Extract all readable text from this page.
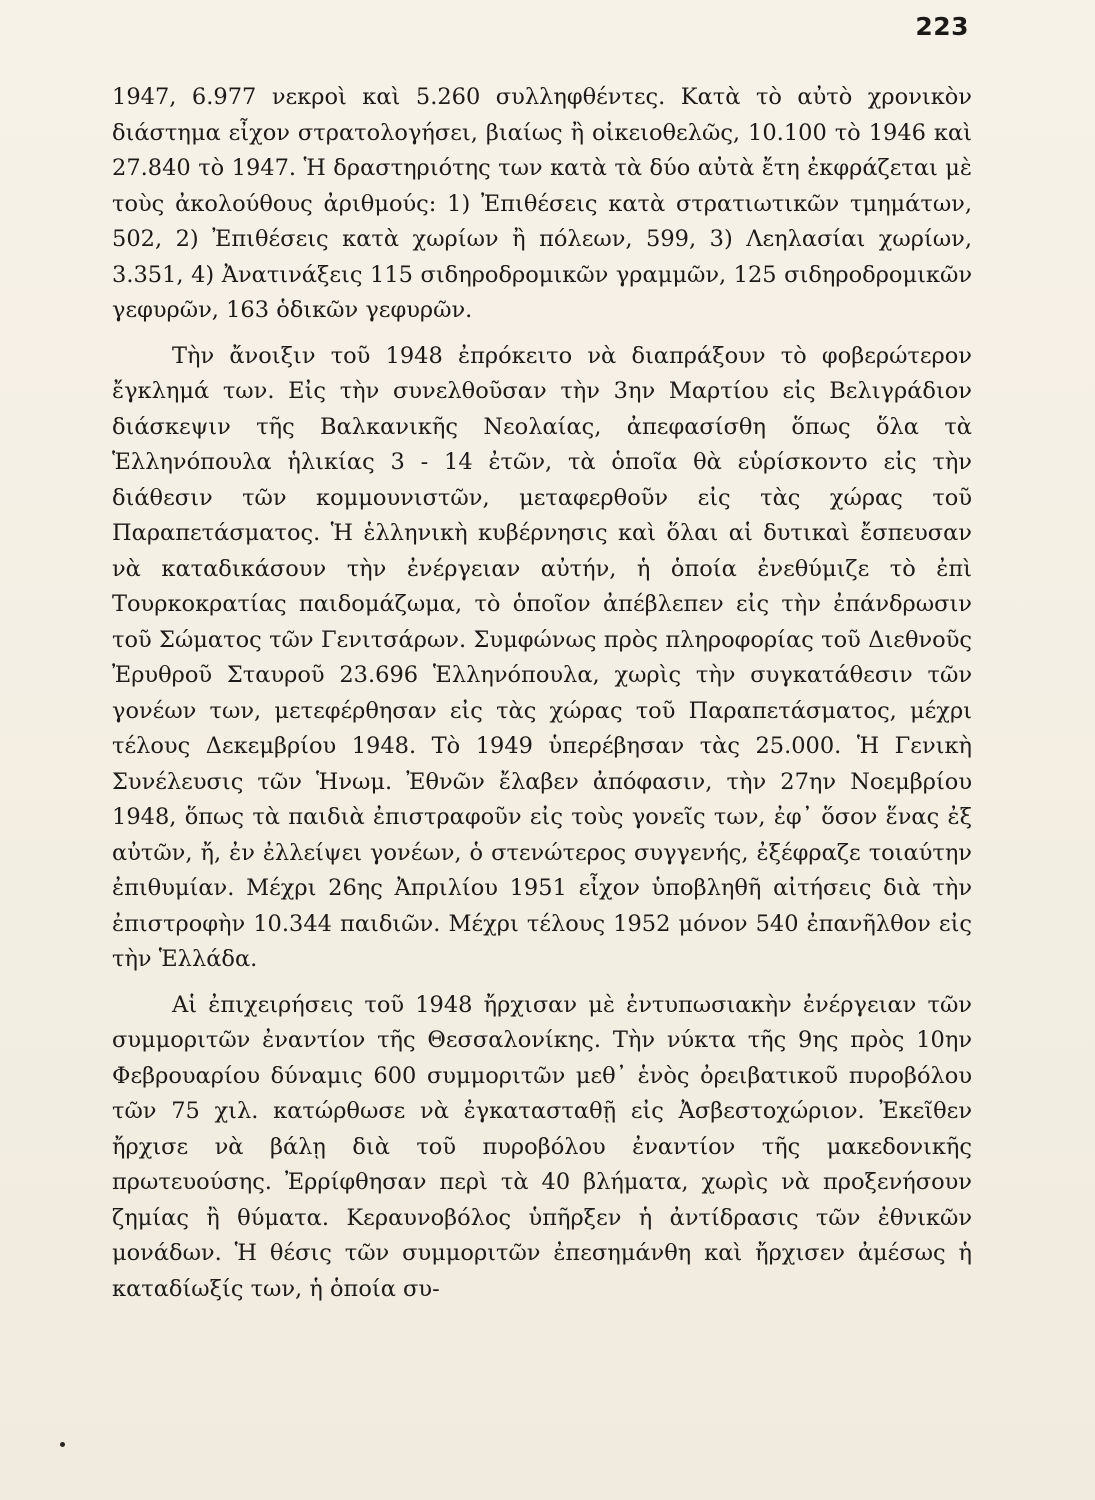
223

1947, 6.977 νεκροὶ καὶ 5.260 συλληφθέντες. Κατὰ τὸ αὐτὸ χρονικὸν διάστημα εἶχον στρατολογήσει, βιαίως ἢ οἰκειοθελῶς, 10.100 τὸ 1946 καὶ 27.840 τὸ 1947. Ἡ δραστηριότης των κατὰ τὰ δύο αὐτὰ ἔτη ἐκφράζεται μὲ τοὺς ἀκολούθους ἀριθμούς: 1) Ἐπιθέσεις κατὰ στρατιωτικῶν τμημάτων, 502, 2) Ἐπιθέσεις κατὰ χωρίων ἢ πόλεων, 599, 3) Λεηλασίαι χωρίων, 3.351, 4) Ἀνατινάξεις 115 σιδηροδρομικῶν γραμμῶν, 125 σιδηροδρομικῶν γεφυρῶν, 163 ὁδικῶν γεφυρῶν.

Τὴν ἄνοιξιν τοῦ 1948 ἐπρόκειτο νὰ διαπράξουν τὸ φοβερώτερον ἔγκλημά των. Εἰς τὴν συνελθοῦσαν τὴν 3ην Μαρτίου εἰς Βελιγράδιον διάσκεψιν τῆς Βαλκανικῆς Νεολαίας, ἀπεφασίσθη ὅπως ὅλα τὰ Ἑλληνόπουλα ἡλικίας 3 - 14 ἐτῶν, τὰ ὁποῖα θὰ εὑρίσκοντο εἰς τὴν διάθεσιν τῶν κομμουνιστῶν, μεταφερθοῦν εἰς τὰς χώρας τοῦ Παραπετάσματος. Ἡ ἑλληνικὴ κυβέρνησις καὶ ὅλαι αἱ δυτικαὶ ἔσπευσαν νὰ καταδικάσουν τὴν ἐνέργειαν αὐτήν, ἡ ὁποία ἐνεθύμιζε τὸ ἐπὶ Τουρκοκρατίας παιδομάζωμα, τὸ ὁποῖον ἀπέβλεπεν εἰς τὴν ἐπάνδρωσιν τοῦ Σώματος τῶν Γενιτσάρων. Συμφώνως πρὸς πληροφορίας τοῦ Διεθνοῦς Ἐρυθροῦ Σταυροῦ 23.696 Ἑλληνόπουλα, χωρὶς τὴν συγκατάθεσιν τῶν γονέων των, μετεφέρθησαν εἰς τὰς χώρας τοῦ Παραπετάσματος, μέχρι τέλους Δεκεμβρίου 1948. Τὸ 1949 ὑπερέβησαν τὰς 25.000. Ἡ Γενικὴ Συνέλευσις τῶν Ἡνωμ. Ἐθνῶν ἔλαβεν ἀπόφασιν, τὴν 27ην Νοεμβρίου 1948, ὅπως τὰ παιδιὰ ἐπιστραφοῦν εἰς τοὺς γονεῖς των, ἐφ᾽ ὅσον ἕνας ἐξ αὐτῶν, ἤ, ἐν ἐλλείψει γονέων, ὁ στενώτερος συγγενής, ἐξέφραζε τοιαύτην ἐπιθυμίαν. Μέχρι 26ης Ἀπριλίου 1951 εἶχον ὑποβληθῆ αἰτήσεις διὰ τὴν ἐπιστροφὴν 10.344 παιδιῶν. Μέχρι τέλους 1952 μόνον 540 ἐπανῆλθον εἰς τὴν Ἑλλάδα.

Αἱ ἐπιχειρήσεις τοῦ 1948 ἤρχισαν μὲ ἐντυπωσιακὴν ἐνέργειαν τῶν συμμοριτῶν ἐναντίον τῆς Θεσσαλονίκης. Τὴν νύκτα τῆς 9ης πρὸς 10ην Φεβρουαρίου δύναμις 600 συμμοριτῶν μεθ᾽ ἑνὸς ὀρειβατικοῦ πυροβόλου τῶν 75 χιλ. κατώρθωσε νὰ ἐγκατασταθῇ εἰς Ἀσβεστοχώριον. Ἐκεῖθεν ἤρχισε νὰ βάλῃ διὰ τοῦ πυροβόλου ἐναντίον τῆς μακεδονικῆς πρωτευούσης. Ἐρρίφθησαν περὶ τὰ 40 βλήματα, χωρὶς νὰ προξενήσουν ζημίας ἢ θύματα. Κεραυνοβόλος ὑπῆρξεν ἡ ἀντίδρασις τῶν ἐθνικῶν μονάδων. Ἡ θέσις τῶν συμμοριτῶν ἐπεσημάνθη καὶ ἤρχισεν ἀμέσως ἡ καταδίωξίς των, ἡ ὁποία συ-
